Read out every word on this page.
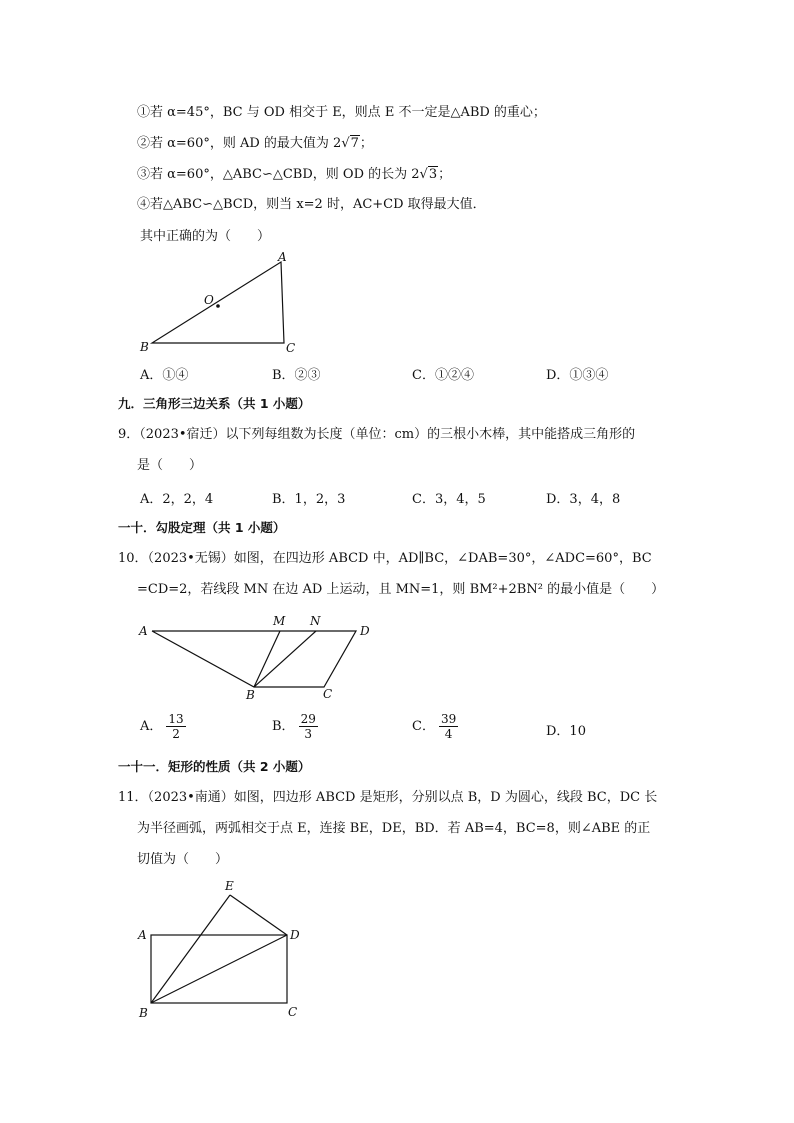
①若 α=45°，BC 与 OD 相交于 E，则点 E 不一定是△ABD 的重心；
②若 α=60°，则 AD 的最大值为 2√7；
③若 α=60°，△ABC∽△CBD，则 OD 的长为 2√3；
④若△ABC∽△BCD，则当 x=2 时，AC+CD 取得最大值．
其中正确的为（　　）
A
O
B	C
A．①④	B．②③	C．①②④	D．①③④
九．三角形三边关系（共 1 小题）
9．（2023•宿迁）以下列每组数为长度（单位：cm）的三根小木棒，其中能搭成三角形的
是（　　）
A．2，2，4	B．1，2，3	C．3，4，5	D．3，4，8
一十．勾股定理（共 1 小题）
10．（2023•无锡）如图，在四边形 ABCD 中，AD∥BC，∠DAB=30°，∠ADC=60°，BC
=CD=2，若线段 MN 在边 AD 上运动，且 MN=1，则 BM²+2BN² 的最小值是（　　）
A
M N
D
B	C
A． $\frac{13}{2}$	B． $\frac{29}{3}$	C． $\frac{39}{4}$	D．10
一十一．矩形的性质（共 2 小题）
11．（2023•南通）如图，四边形 ABCD 是矩形，分别以点 B，D 为圆心，线段 BC，DC 长
为半径画弧，两弧相交于点 E，连接 BE，DE，BD．若 AB=4，BC=8，则∠ABE 的正
切值为（　　）
E
A	D
B	C
